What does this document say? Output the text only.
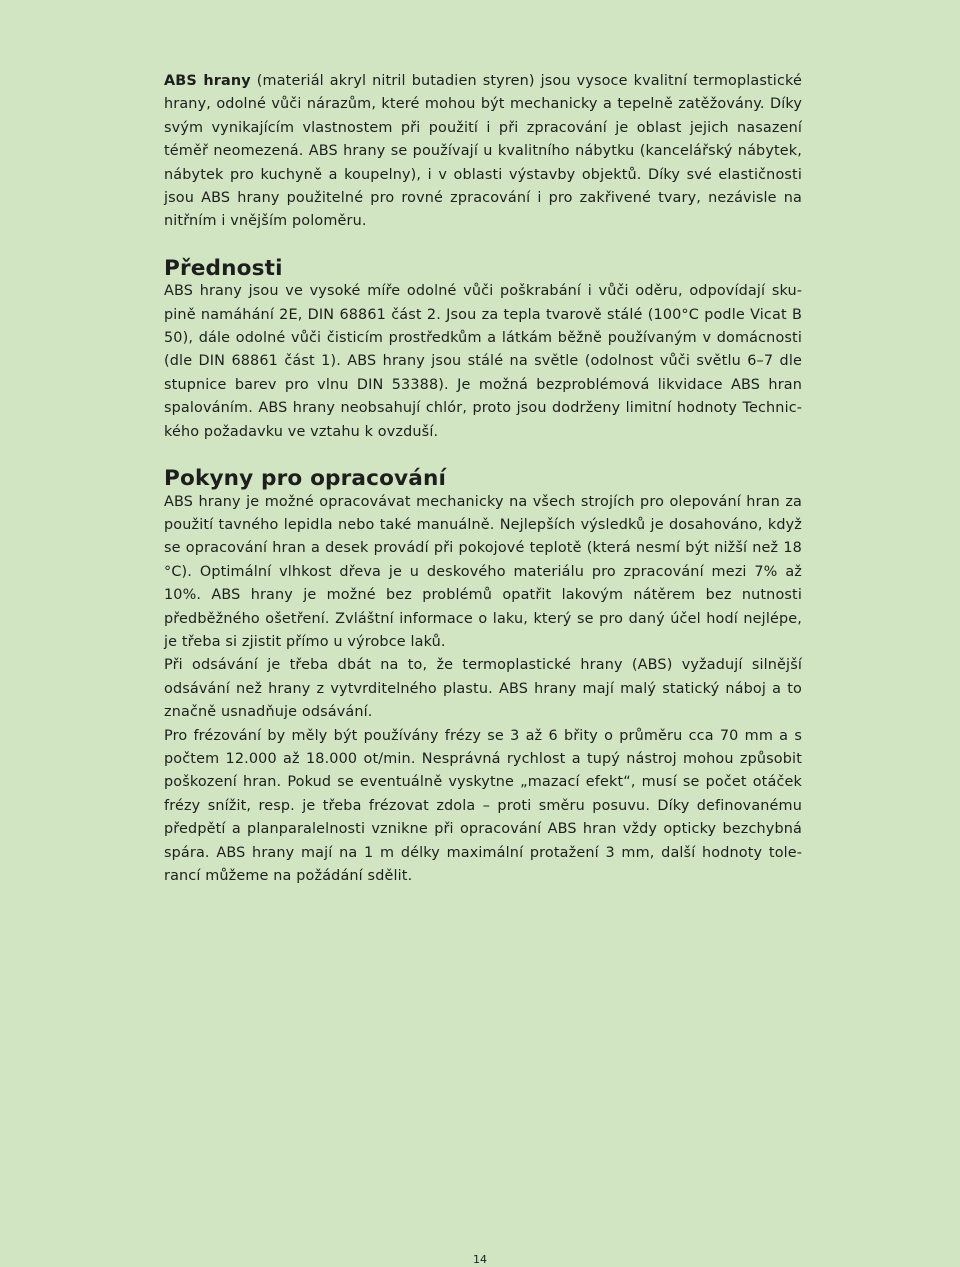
ABS hrany (materiál akryl nitril butadien styren) jsou vysoce kvalitní termoplastické hrany, odolné vůči nárazům, které mohou být mechanicky a tepelně zatěžovány. Díky svým vynikajícím vlastnostem při použití i při zpracování je oblast jejich nasazení téměř neomezená. ABS hrany se používají u kvalitního nábytku (kancelářský nábytek, nábytek pro kuchyně a koupelny), i v oblasti výstavby objektů. Díky své elastičnosti jsou ABS hrany použitelné pro rovné zpracování i pro zakřivené tvary, nezávisle na nitřním i vnějším poloměru.

Přednosti

ABS hrany jsou ve vysoké míře odolné vůči poškrabání i vůči oděru, odpovídají skupině namáhání 2E, DIN 68861 část 2. Jsou za tepla tvarově stálé (100°C podle Vicat B 50), dále odolné vůči čisticím prostředkům a látkám běžně používaným v domácnosti (dle DIN 68861 část 1). ABS hrany jsou stálé na světle (odolnost vůči světlu 6–7 dle stupnice barev pro vlnu DIN 53388). Je možná bezproblémová likvidace ABS hran spalováním. ABS hrany neobsahují chlór, proto jsou dodrženy limitní hodnoty Technického požadavku ve vztahu k ovzduší.

Pokyny pro opracování

ABS hrany je možné opracovávat mechanicky na všech strojích pro olepování hran za použití tavného lepidla nebo také manuálně. Nejlepších výsledků je dosahováno, když se opracování hran a desek provádí při pokojové teplotě (která nesmí být nižší než 18 °C). Optimální vlhkost dřeva je u deskového materiálu pro zpracování mezi 7% až 10%. ABS hrany je možné bez problémů opatřit lakovým nátěrem bez nutnosti předběžného ošetření. Zvláštní informace o laku, který se pro daný účel hodí nejlépe, je třeba si zjistit přímo u výrobce laků.

Při odsávání je třeba dbát na to, že termoplastické hrany (ABS) vyžadují silnější odsávání než hrany z vytvrditelného plastu. ABS hrany mají malý statický náboj a to značně usnadňuje odsávání.

Pro frézování by měly být používány frézy se 3 až 6 břity o průměru cca 70 mm a s počtem 12.000 až 18.000 ot/min. Nesprávná rychlost a tupý nástroj mohou způsobit poškození hran. Pokud se eventuálně vyskytne „mazací efekt“, musí se počet otáček frézy snížit, resp. je třeba frézovat zdola – proti směru posuvu. Díky definovanému předpětí a planparalelnosti vznikne při opracování ABS hran vždy opticky bezchybná spára. ABS hrany mají na 1 m délky maximální protažení 3 mm, další hodnoty tolerancí můžeme na požádání sdělit.

14
